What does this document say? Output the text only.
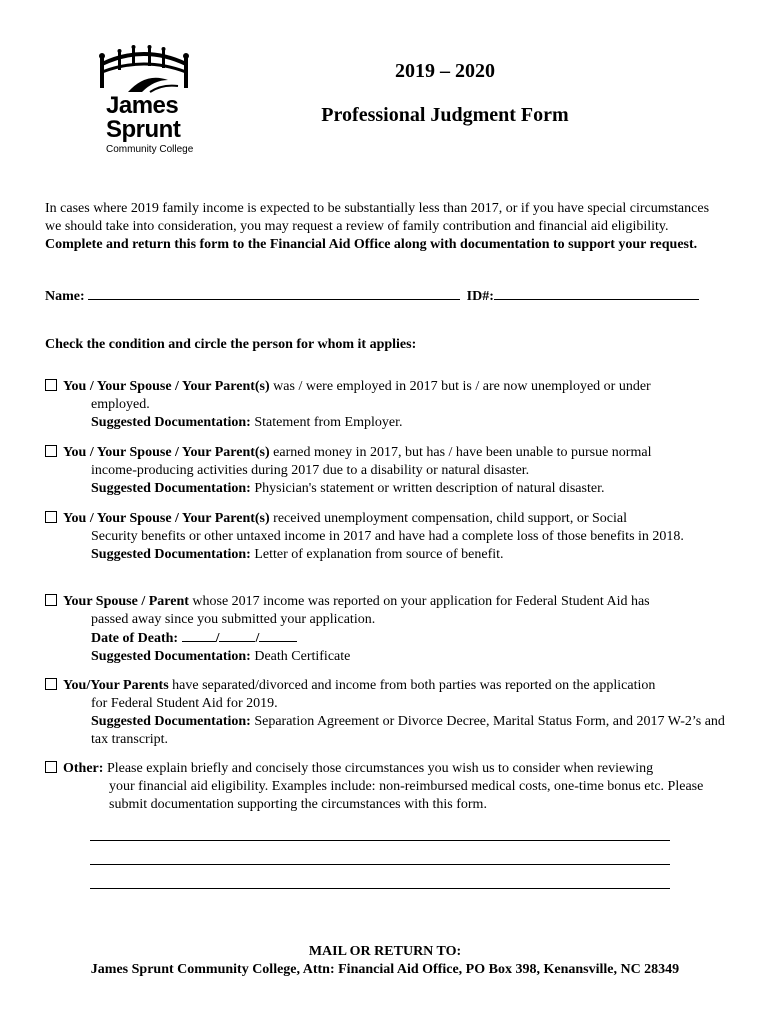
James
Sprunt
Community College
2019 – 2020
Professional Judgment Form
In cases where 2019 family income is expected to be substantially less than 2017, or if you have special circumstances we should take into consideration, you may request a review of family contribution and financial aid eligibility. Complete and return this form to the Financial Aid Office along with documentation to support your request.
Name:	ID#:
Check the condition and circle the person for whom it applies:
You / Your Spouse / Your Parent(s) was / were employed in 2017 but is / are now unemployed or under
employed.
Suggested Documentation: Statement from Employer.
You / Your Spouse / Your Parent(s) earned money in 2017, but has / have been unable to pursue normal
income-producing activities during 2017 due to a disability or natural disaster.
Suggested Documentation: Physician's statement or written description of natural disaster.
You / Your Spouse / Your Parent(s) received unemployment compensation, child support, or Social
Security benefits or other untaxed income in 2017 and have had a complete loss of those benefits in 2018.
Suggested Documentation: Letter of explanation from source of benefit.
Your Spouse / Parent whose 2017 income was reported on your application for Federal Student Aid has
passed away since you submitted your application.
Date of Death:	/	/
Suggested Documentation: Death Certificate
You/Your Parents have separated/divorced and income from both parties was reported on the application
for Federal Student Aid for 2019.
Suggested Documentation: Separation Agreement or Divorce Decree, Marital Status Form, and 2017 W-2’s and tax transcript.
Other: Please explain briefly and concisely those circumstances you wish us to consider when reviewing
your financial aid eligibility. Examples include: non-reimbursed medical costs, one-time bonus etc. Please submit documentation supporting the circumstances with this form.
MAIL OR RETURN TO:
James Sprunt Community College, Attn: Financial Aid Office, PO Box 398, Kenansville, NC 28349
